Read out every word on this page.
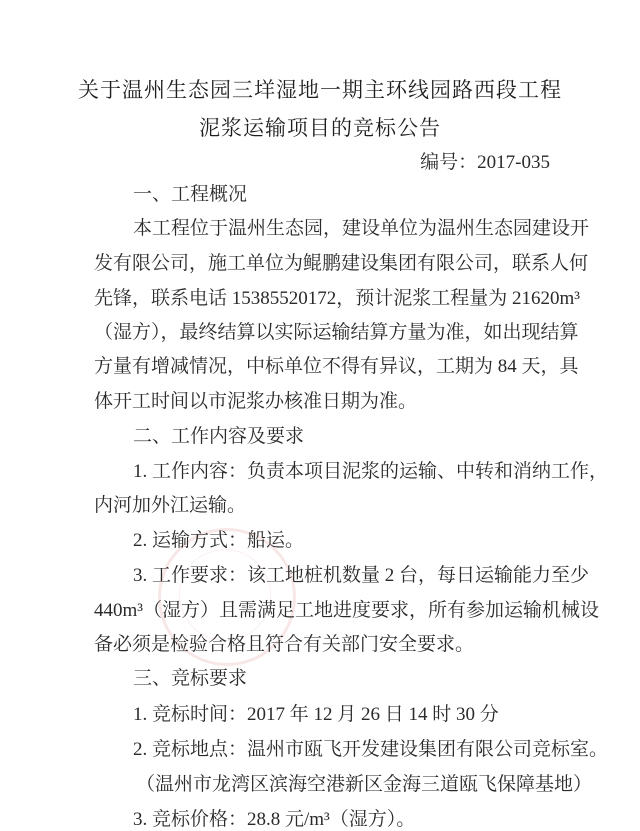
关于温州生态园三垟湿地一期主环线园路西段工程
泥浆运输项目的竞标公告
编号：2017-035
一、工程概况
本工程位于温州生态园，建设单位为温州生态园建设开
发有限公司，施工单位为鲲鹏建设集团有限公司，联系人何
先锋，联系电话 15385520172，预计泥浆工程量为 21620m³
（湿方），最终结算以实际运输结算方量为准，如出现结算
方量有增减情况，中标单位不得有异议，工期为 84 天，具
体开工时间以市泥浆办核准日期为准。
二、工作内容及要求
1. 工作内容：负责本项目泥浆的运输、中转和消纳工作，
内河加外江运输。
2. 运输方式：船运。
3. 工作要求：该工地桩机数量 2 台，每日运输能力至少
440m³（湿方）且需满足工地进度要求，所有参加运输机械设
备必须是检验合格且符合有关部门安全要求。
三、竞标要求
1. 竞标时间：2017 年 12 月 26 日 14 时 30 分
2. 竞标地点：温州市瓯飞开发建设集团有限公司竞标室。
（温州市龙湾区滨海空港新区金海三道瓯飞保障基地）
3. 竞标价格：28.8 元/m³（湿方）。
